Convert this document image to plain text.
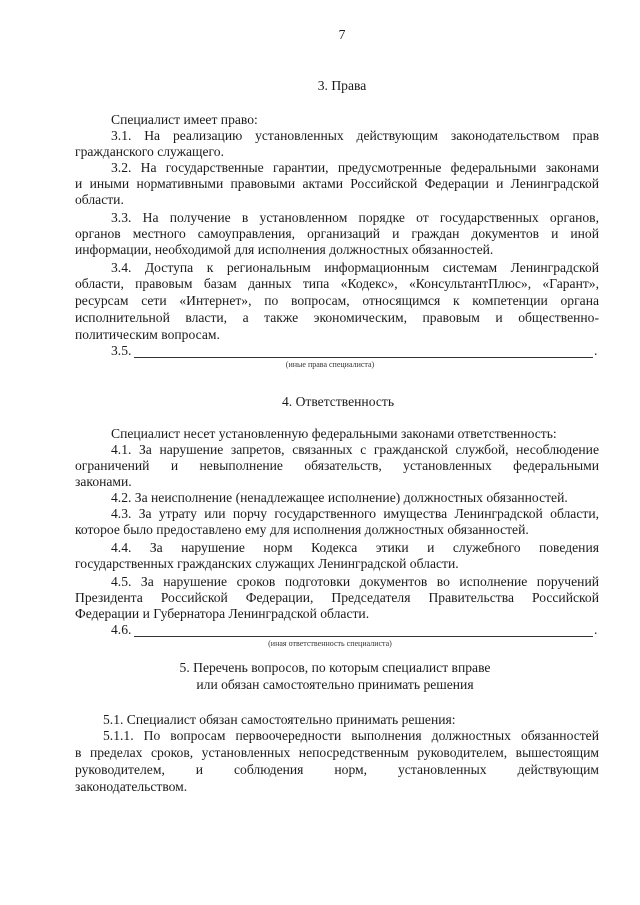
7
3. Права
Специалист имеет право:
3.1. На реализацию установленных действующим законодательством прав
гражданского служащего.
3.2. На государственные гарантии, предусмотренные федеральными законами
и иными нормативными правовыми актами Российской Федерации и Ленинградской
области.
3.3. На получение в установленном порядке от государственных органов,
органов местного самоуправления, организаций и граждан документов и иной
информации, необходимой для исполнения должностных обязанностей.
3.4. Доступа к региональным информационным системам Ленинградской
области, правовым базам данных типа «Кодекс», «КонсультантПлюс», «Гарант»,
ресурсам сети «Интернет», по вопросам, относящимся к компетенции органа
исполнительной власти, а также экономическим, правовым и общественно-
политическим вопросам.
3.5.	.
(иные права специалиста)
4. Ответственность
Специалист несет установленную федеральными законами ответственность:
4.1. За нарушение запретов, связанных с гражданской службой, несоблюдение
ограничений и невыполнение обязательств, установленных федеральными
законами.
4.2. За неисполнение (ненадлежащее исполнение) должностных обязанностей.
4.3. За утрату или порчу государственного имущества Ленинградской области,
которое было предоставлено ему для исполнения должностных обязанностей.
4.4. За нарушение норм Кодекса этики и служебного поведения
государственных гражданских служащих Ленинградской области.
4.5. За нарушение сроков подготовки документов во исполнение поручений
Президента Российской Федерации, Председателя Правительства Российской
Федерации и Губернатора Ленинградской области.
4.6.	.
(иная ответственность специалиста)
5. Перечень вопросов, по которым специалист вправе
или обязан самостоятельно принимать решения
5.1. Специалист обязан самостоятельно принимать решения:
5.1.1. По вопросам первоочередности выполнения должностных обязанностей
в пределах сроков, установленных непосредственным руководителем, вышестоящим
руководителем, и соблюдения норм, установленных действующим
законодательством.
